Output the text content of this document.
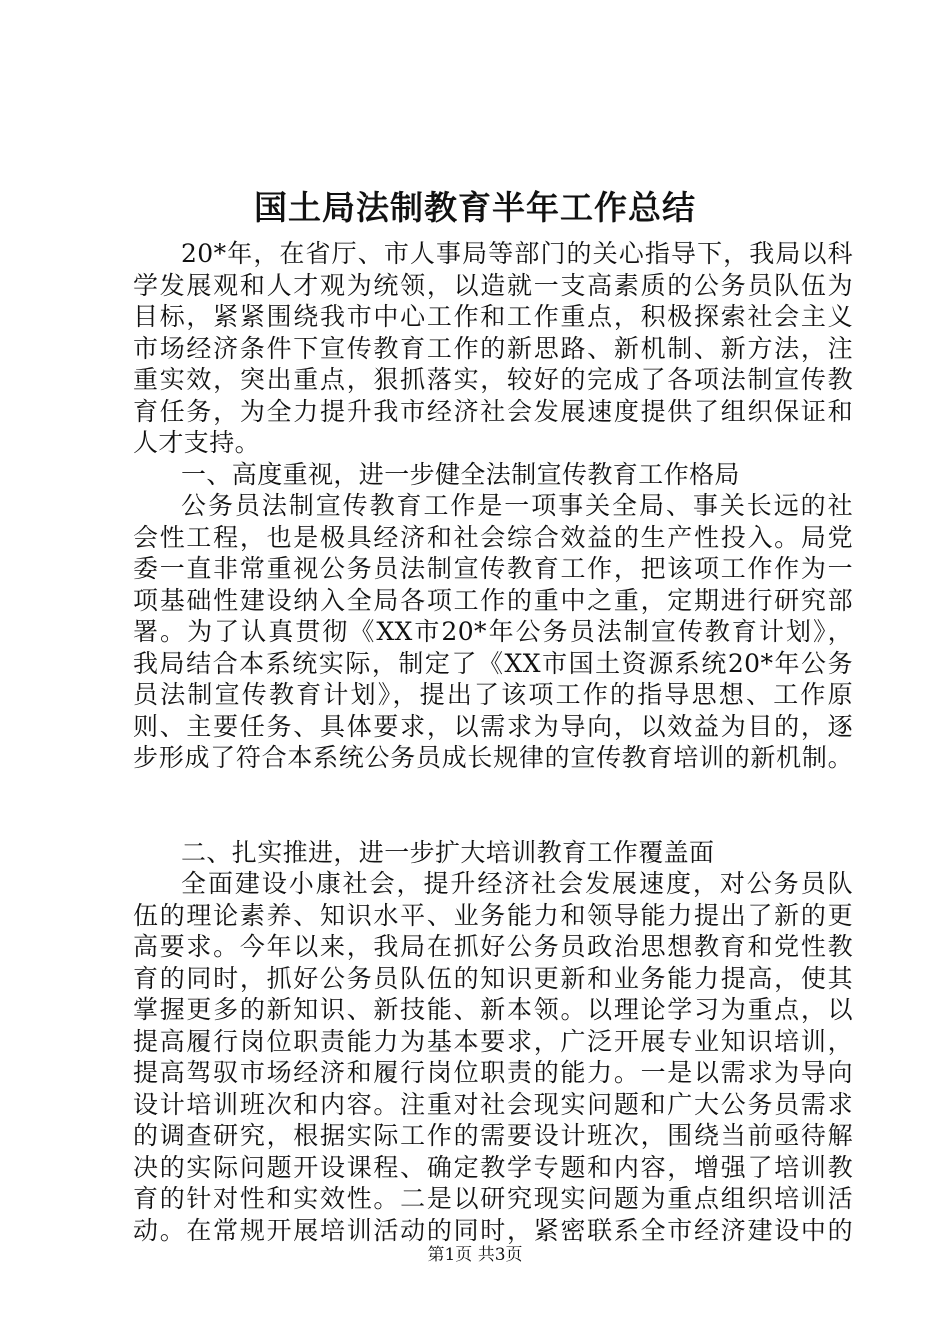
国土局法制教育半年工作总结
20*年，在省厅、市人事局等部门的关心指导下，我局以科
学发展观和人才观为统领，以造就一支高素质的公务员队伍为
目标，紧紧围绕我市中心工作和工作重点，积极探索社会主义
市场经济条件下宣传教育工作的新思路、新机制、新方法，注
重实效，突出重点，狠抓落实，较好的完成了各项法制宣传教
育任务，为全力提升我市经济社会发展速度提供了组织保证和
人才支持。
一、高度重视，进一步健全法制宣传教育工作格局
公务员法制宣传教育工作是一项事关全局、事关长远的社
会性工程，也是极具经济和社会综合效益的生产性投入。局党
委一直非常重视公务员法制宣传教育工作，把该项工作作为一
项基础性建设纳入全局各项工作的重中之重，定期进行研究部
署。为了认真贯彻《XX市20*年公务员法制宣传教育计划》，
我局结合本系统实际，制定了《XX市国土资源系统20*年公务
员法制宣传教育计划》，提出了该项工作的指导思想、工作原
则、主要任务、具体要求，以需求为导向，以效益为目的，逐
步形成了符合本系统公务员成长规律的宣传教育培训的新机制。
二、扎实推进，进一步扩大培训教育工作覆盖面
全面建设小康社会，提升经济社会发展速度，对公务员队
伍的理论素养、知识水平、业务能力和领导能力提出了新的更
高要求。今年以来，我局在抓好公务员政治思想教育和党性教
育的同时，抓好公务员队伍的知识更新和业务能力提高，使其
掌握更多的新知识、新技能、新本领。以理论学习为重点，以
提高履行岗位职责能力为基本要求，广泛开展专业知识培训，
提高驾驭市场经济和履行岗位职责的能力。一是以需求为导向
设计培训班次和内容。注重对社会现实问题和广大公务员需求
的调查研究，根据实际工作的需要设计班次，围绕当前亟待解
决的实际问题开设课程、确定教学专题和内容，增强了培训教
育的针对性和实效性。二是以研究现实问题为重点组织培训活
动。在常规开展培训活动的同时，紧密联系全市经济建设中的
第1页 共3页
